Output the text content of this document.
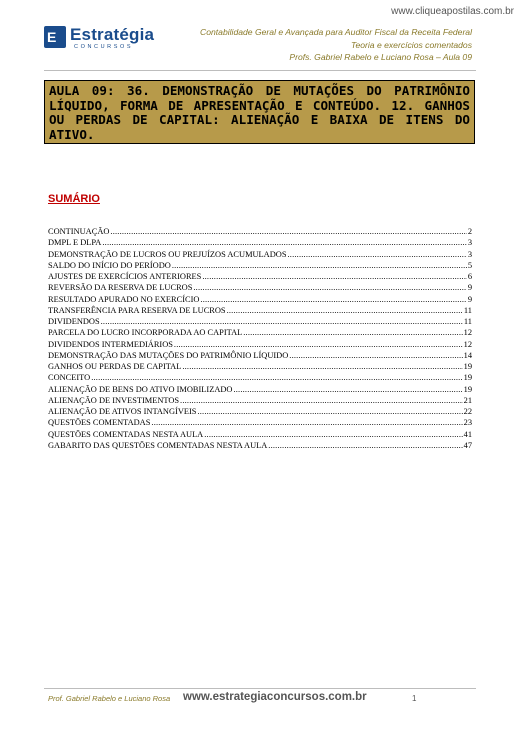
www.cliqueapostilas.com.br
E Estratégia
CONCURSOS
Contabilidade Geral e Avançada para Auditor Fiscal da Receita Federal
Teoria e exercícios comentados
Profs. Gabriel Rabelo e Luciano Rosa – Aula 09
AULA 09: 36. DEMONSTRAÇÃO DE MUTAÇÕES DO PATRIMÔNIO LÍQUIDO, FORMA DE APRESENTAÇÃO E CONTEÚDO. 12. GANHOS OU PERDAS DE CAPITAL: ALIENAÇÃO E BAIXA DE ITENS DO ATIVO.
SUMÁRIO
CONTINUAÇÃO .....	2
DMPL E DLPA .....	3
DEMONSTRAÇÃO DE LUCROS OU PREJUÍZOS ACUMULADOS .....	3
SALDO DO INÍCIO DO PERÍODO .....	5
AJUSTES DE EXERCÍCIOS ANTERIORES .....	6
REVERSÃO DA RESERVA DE LUCROS .....	9
RESULTADO APURADO NO EXERCÍCIO .....	9
TRANSFERÊNCIA PARA RESERVA DE LUCROS .....	11
DIVIDENDOS .....	11
PARCELA DO LUCRO INCORPORADA AO CAPITAL .....	12
DIVIDENDOS INTERMEDIÁRIOS .....	12
DEMONSTRAÇÃO DAS MUTAÇÕES DO PATRIMÔNIO LÍQUIDO .....	14
GANHOS OU PERDAS DE CAPITAL .....	19
CONCEITO .....	19
ALIENAÇÃO DE BENS DO ATIVO IMOBILIZADO .....	19
ALIENAÇÃO DE INVESTIMENTOS .....	21
ALIENAÇÃO DE ATIVOS INTANGÍVEIS .....	22
QUESTÕES COMENTADAS .....	23
QUESTÕES COMENTADAS NESTA AULA .....	41
GABARITO DAS QUESTÕES COMENTADAS NESTA AULA .....	47
Prof. Gabriel Rabelo e Luciano Rosa www.estrategiaconcursos.com.br	1
